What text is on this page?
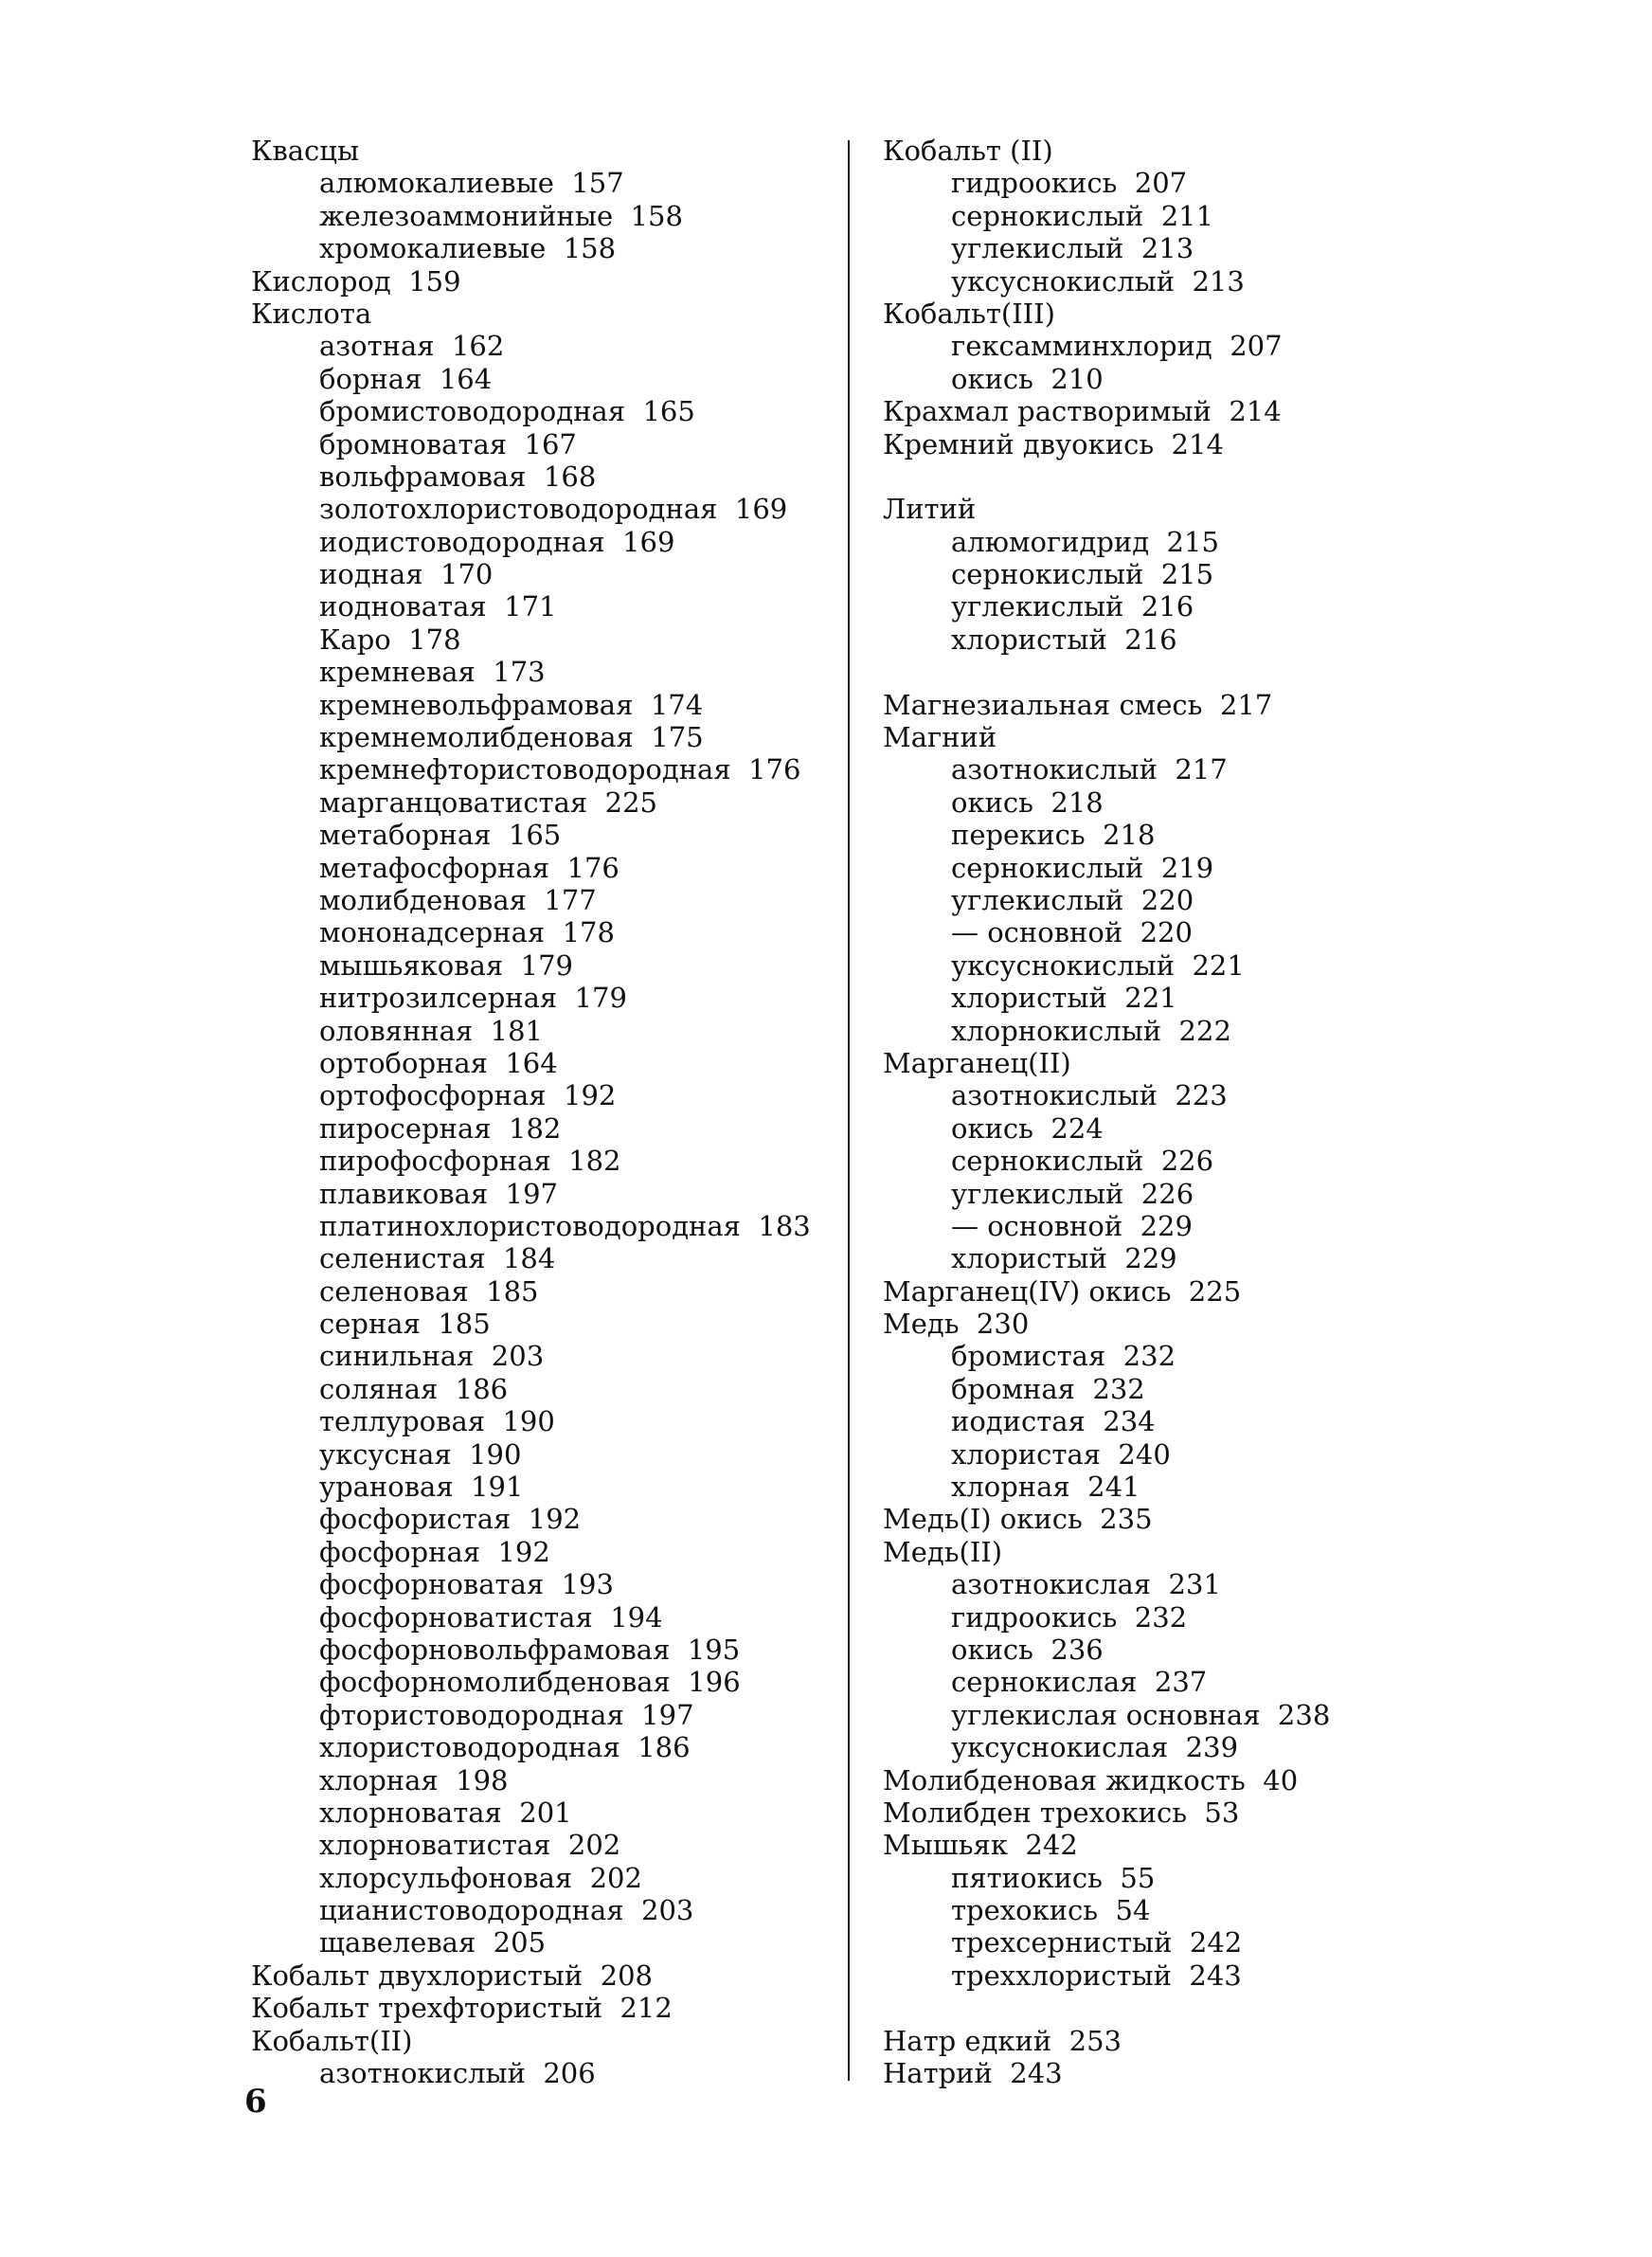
Квасцы
алюмокалиевые  157
железоаммонийные  158
хромокалиевые  158
Кислород  159
Кислота
азотная  162
борная  164
бромистоводородная  165
бромноватая  167
вольфрамовая  168
золотохлористоводородная  169
иодистоводородная  169
иодная  170
иодноватая  171
Каро  178
кремневая  173
кремневольфрамовая  174
кремнемолибденовая  175
кремнефтористоводородная  176
марганцоватистая  225
метаборная  165
метафосфорная  176
молибденовая  177
мононадсерная  178
мышьяковая  179
нитрозилсерная  179
оловянная  181
ортоборная  164
ортофосфорная  192
пиросерная  182
пирофосфорная  182
плавиковая  197
платинохлористоводородная  183
селенистая  184
селеновая  185
серная  185
синильная  203
соляная  186
теллуровая  190
уксусная  190
урановая  191
фосфористая  192
фосфорная  192
фосфорноватая  193
фосфорноватистая  194
фосфорновольфрамовая  195
фосфорномолибденовая  196
фтористоводородная  197
хлористоводородная  186
хлорная  198
хлорноватая  201
хлорноватистая  202
хлорсульфоновая  202
цианистоводородная  203
щавелевая  205
Кобальт двухлористый  208
Кобальт трехфтористый  212
Кобальт(II)
азотнокислый  206
Кобальт (II)
гидроокись  207
сернокислый  211
углекислый  213
уксуснокислый  213
Кобальт(III)
гексамминхлорид  207
окись  210
Крахмал растворимый  214
Кремний двуокись  214
Литий
алюмогидрид  215
сернокислый  215
углекислый  216
хлористый  216
Магнезиальная смесь  217
Магний
азотнокислый  217
окись  218
перекись  218
сернокислый  219
углекислый  220
— основной  220
уксуснокислый  221
хлористый  221
хлорнокислый  222
Марганец(II)
азотнокислый  223
окись  224
сернокислый  226
углекислый  226
— основной  229
хлористый  229
Марганец(IV) окись  225
Медь  230
бромистая  232
бромная  232
иодистая  234
хлористая  240
хлорная  241
Медь(I) окись  235
Медь(II)
азотнокислая  231
гидроокись  232
окись  236
сернокислая  237
углекислая основная  238
уксуснокислая  239
Молибденовая жидкость  40
Молибден трехокись  53
Мышьяк  242
пятиокись  55
трехокись  54
трехсернистый  242
треххлористый  243
Натр едкий  253
Натрий  243
6
